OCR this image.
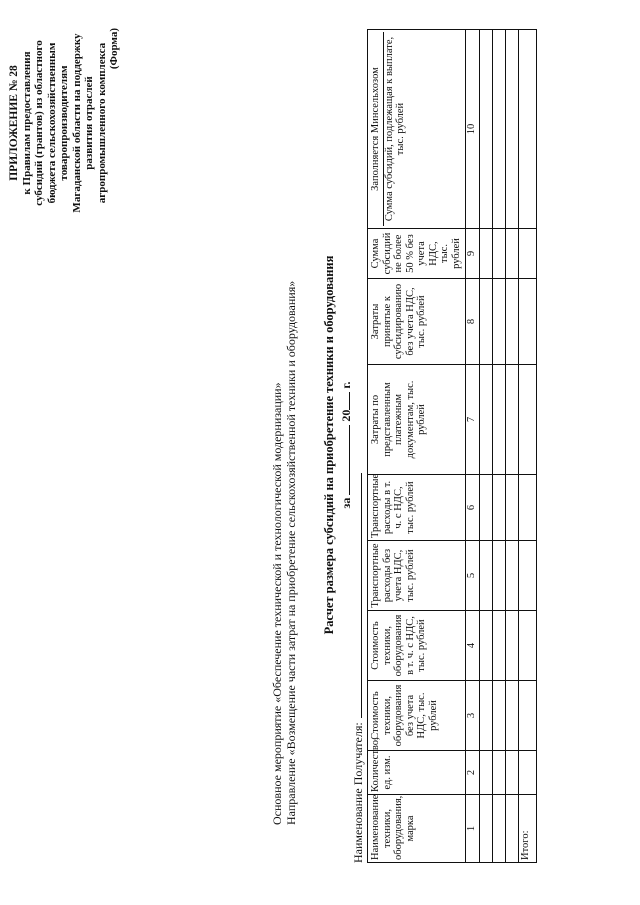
ПРИЛОЖЕНИЕ № 28 к Правилам предоставления субсидий (грантов) из областного бюджета сельскохозяйственным товаропроизводителям Магаданской области на поддержку развития отраслей агропромышленного комплекса (Форма)
Основное мероприятие «Обеспечение технической и технологической модернизации» Направление «Возмещение части затрат на приобретение сельскохозяйственной техники и оборудования» Расчет размера субсидий на приобретение техники и оборудования за  20 г.
Наименование Получателя: Наименование техники, оборудования, марка	Количество, ед. изм.	Стоимость техники, оборудования без учета НДС, тыс. рублей	Стоимость техники, оборудования в т. ч. с НДС, тыс. рублей	Транспортные расходы без учета НДС, тыс. рублей	Транспортные расходы в т. ч. с НДС, тыс. рублей	Затраты по представленным платежным документам, тыс. рублей	Затраты принятые к субсидированию без учета НДС, тыс. рублей	Сумма субсидий не более 50 % без учета НДС, тыс. рублей	Заполняется Минсельхозом Сумма субсидий, подлежащая к выплате, тыс. рублей
1	2	3	4	5	6	7	8	9	10

Итого:									
